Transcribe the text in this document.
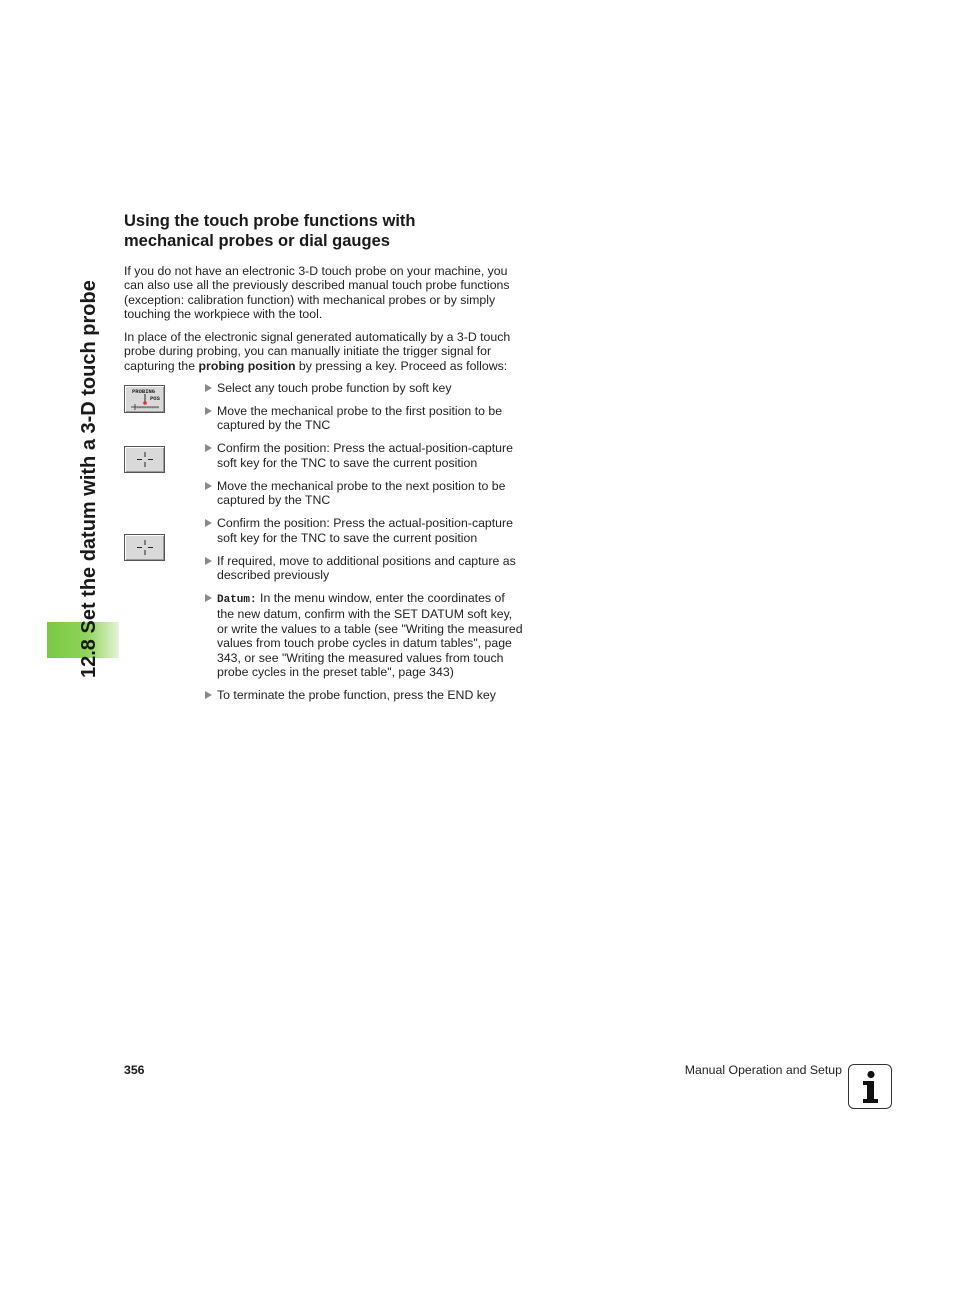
12.8 Set the datum with a 3-D touch probe
Using the touch probe functions with mechanical probes or dial gauges

If you do not have an electronic 3-D touch probe on your machine, you can also use all the previously described manual touch probe functions (exception: calibration function) with mechanical probes or by simply touching the workpiece with the tool.

In place of the electronic signal generated automatically by a 3-D touch probe during probing, you can manually initiate the trigger signal for capturing the probing position by pressing a key. Proceed as follows:

PROBING
POS
Select any touch probe function by soft key
Move the mechanical probe to the first position to be captured by the TNC
Confirm the position: Press the actual-position-capture soft key for the TNC to save the current position
Move the mechanical probe to the next position to be captured by the TNC
Confirm the position: Press the actual-position-capture soft key for the TNC to save the current position
If required, move to additional positions and capture as described previously
Datum: In the menu window, enter the coordinates of the new datum, confirm with the SET DATUM soft key, or write the values to a table (see "Writing the measured values from touch probe cycles in datum tables", page 343, or see "Writing the measured values from touch probe cycles in the preset table", page 343)
To terminate the probe function, press the END key
356	Manual Operation and Setup
